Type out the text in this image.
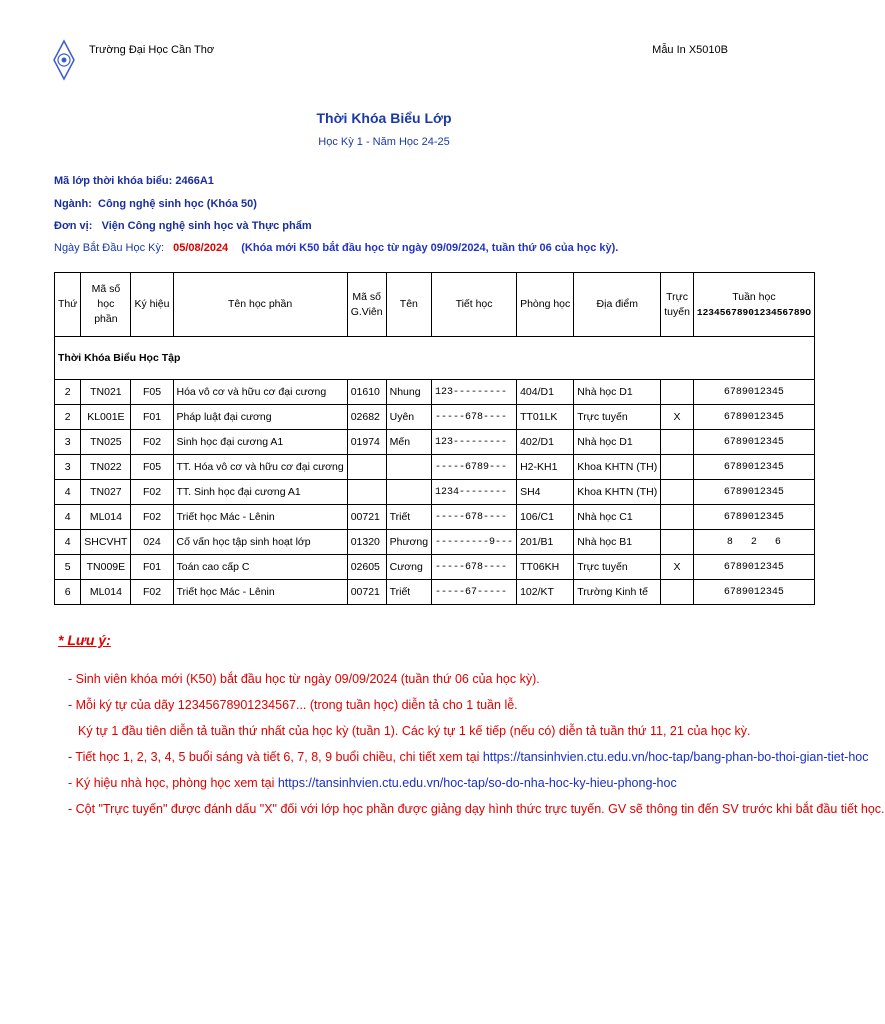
Trường Đại Học Cần Thơ	Mẫu In X5010B
Thời Khóa Biểu Lớp
Học Kỳ 1 - Năm Học 24-25
Mã lớp thời khóa biểu: 2466A1
Ngành: Công nghệ sinh học (Khóa 50)
Đơn vị: Viện Công nghệ sinh học và Thực phẩm
Ngày Bắt Đầu Học Kỳ: 05/08/2024 (Khóa mới K50 bắt đầu học từ ngày 09/09/2024, tuần thứ 06 của học kỳ).
Thứ	Mã số học phần	Ký hiệu	Tên học phần	Mã số G.Viên	Tên	Tiết học	Phòng học	Địa điểm	Trực tuyến	Tuần học
1234567890123456789O

Thời Khóa Biểu Học Tập										
2	TN021	F05	Hóa vô cơ và hữu cơ đại cương	01610	Nhung	123---------	404/D1	Nhà học D1		6789012345
2	KL001E	F01	Pháp luật đại cương	02682	Uyên	-----678----	TT01LK	Trực tuyến	X	6789012345
3	TN025	F02	Sinh học đại cương A1	01974	Mến	123---------	402/D1	Nhà học D1		6789012345
3	TN022	F05	TT. Hóa vô cơ và hữu cơ đại cương			-----6789---	H2-KH1	Khoa KHTN (TH)		6789012345
4	TN027	F02	TT. Sinh học đại cương A1			1234--------	SH4	Khoa KHTN (TH)		6789012345
4	ML014	F02	Triết học Mác - Lênin	00721	Triết	-----678----	106/C1	Nhà học C1		6789012345
4	SHCVHT	024	Cố vấn học tập sinh hoạt lớp	01320	Phương	---------9---	201/B1	Nhà học B1		8   2   6
5	TN009E	F01	Toán cao cấp C	02605	Cương	-----678----	TT06KH	Trực tuyến	X	6789012345
6	ML014	F02	Triết học Mác - Lênin	00721	Triết	-----67-----	102/KT	Trường Kinh tế		6789012345
* Lưu ý:
- Sinh viên khóa mới (K50) bắt đầu học từ ngày 09/09/2024 (tuần thứ 06 của học kỳ).
- Mỗi ký tự của dãy 12345678901234567... (trong tuần học) diễn tả cho 1 tuần lễ.
Ký tự 1 đầu tiên diễn tả tuần thứ nhất của học kỳ (tuần 1). Các ký tự 1 kế tiếp (nếu có) diễn tả tuần thứ 11, 21 của học kỳ.
- Tiết học 1, 2, 3, 4, 5 buổi sáng và tiết 6, 7, 8, 9 buổi chiều, chi tiết xem tại https://tansinhvien.ctu.edu.vn/hoc-tap/bang-phan-bo-thoi-gian-tiet-hoc
- Ký hiệu nhà học, phòng học xem tại https://tansinhvien.ctu.edu.vn/hoc-tap/so-do-nha-hoc-ky-hieu-phong-hoc
- Cột "Trực tuyến" được đánh dấu "X" đối với lớp học phần được giảng dạy hình thức trực tuyến. GV sẽ thông tin đến SV trước khi bắt đầu tiết học.
